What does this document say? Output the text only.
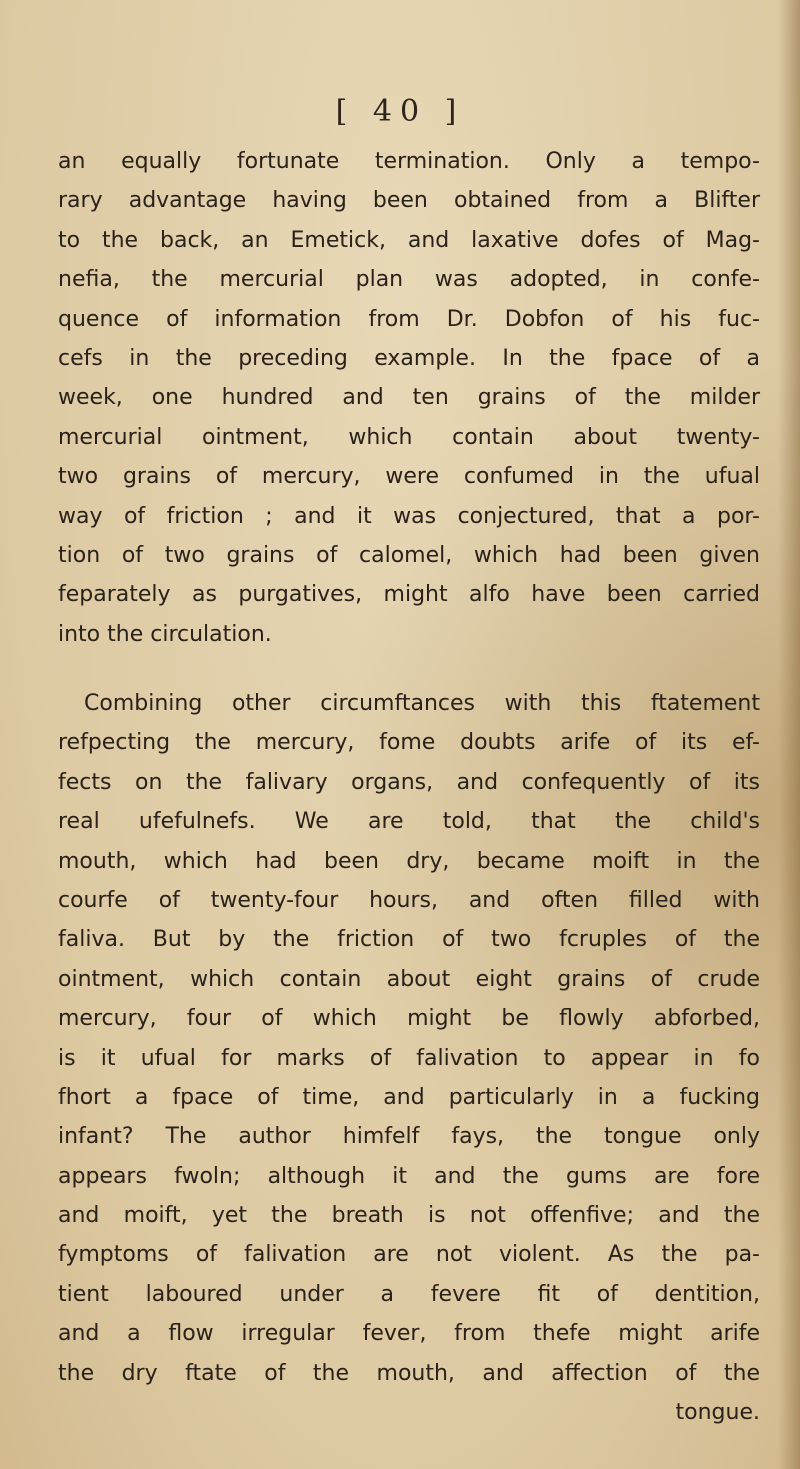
[ 40 ]
an equally fortunate termination. Only a tempo-
rary advantage having been obtained from a Blifter
to the back, an Emetick, and laxative dofes of Mag-
nefia, the mercurial plan was adopted, in confe-
quence of information from Dr. Dobfon of his fuc-
cefs in the preceding example. In the fpace of a
week, one hundred and ten grains of the milder
mercurial ointment, which contain about twenty-
two grains of mercury, were confumed in the ufual
way of friction ; and it was conjectured, that a por-
tion of two grains of calomel, which had been given
feparately as purgatives, might alfo have been carried
into the circulation.
Combining other circumftances with this ftatement
refpecting the mercury, fome doubts arife of its ef-
fects on the falivary organs, and confequently of its
real ufefulnefs. We are told, that the child's
mouth, which had been dry, became moift in the
courfe of twenty-four hours, and often filled with
faliva. But by the friction of two fcruples of the
ointment, which contain about eight grains of crude
mercury, four of which might be flowly abforbed,
is it ufual for marks of falivation to appear in fo
fhort a fpace of time, and particularly in a fucking
infant? The author himfelf fays, the tongue only
appears fwoln; although it and the gums are fore
and moift, yet the breath is not offenfive; and the
fymptoms of falivation are not violent. As the pa-
tient laboured under a fevere fit of dentition,
and a flow irregular fever, from thefe might arife
the dry ftate of the mouth, and affection of the
tongue.
